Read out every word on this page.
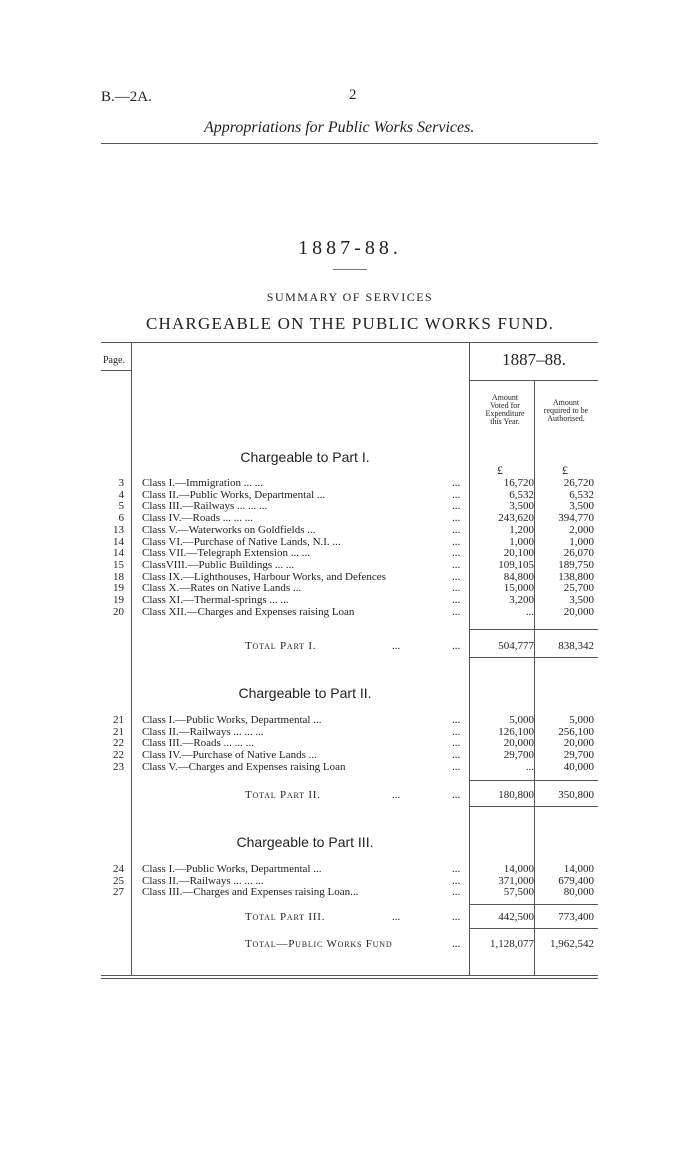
B.—2A.	2
Appropriations for Public Works Services.
1887-88.
SUMMARY OF SERVICES
CHARGEABLE ON THE PUBLIC WORKS FUND.
Page.	1887–88.
Amount
Voted for
Expenditure
this Year.
Amount
required to be
Authorised.
Chargeable to Part I.
£	£
3 Class I.—Immigration ... ...	...	16,720	26,720
4 Class II.—Public Works, Departmental ...	...	6,532	6,532
5 Class III.—Railways ... ... ...	...	3,500	3,500
6 Class IV.—Roads ... ... ...	...	243,620	394,770
13 Class V.—Waterworks on Goldfields ...	...	1,200	2,000
14 Class VI.—Purchase of Native Lands, N.I. ...	...	1,000	1,000
14 Class VII.—Telegraph Extension ... ...	...	20,100	26,070
15 ClassVIII.—Public Buildings ... ...	...	109,105	189,750
18 Class IX.—Lighthouses, Harbour Works, and Defences	...	84,800	138,800
19 Class X.—Rates on Native Lands ...	...	15,000	25,700
19 Class XI.—Thermal-springs ... ...	...	3,200	3,500
20 Class XII.—Charges and Expenses raising Loan	...	...	20,000
Total Part I.	...	...	504,777	838,342
Chargeable to Part II.
21 Class I.—Public Works, Departmental ...	...	5,000	5,000
21 Class II.—Railways ... ... ...	...	126,100	256,100
22 Class III.—Roads ... ... ...	...	20,000	20,000
22 Class IV.—Purchase of Native Lands ...	...	29,700	29,700
23 Class V.—Charges and Expenses raising Loan	...	...	40,000
Total Part II.	...	...	180,800	350,800
Chargeable to Part III.
24 Class I.—Public Works, Departmental ...	...	14,000	14,000
25 Class II.—Railways ... ... ...	...	371,000	679,400
27 Class III.—Charges and Expenses raising Loan...	...	57,500	80,000
Total Part III.	...	...	442,500	773,400
Total—Public Works Fund	...	1,128,077	1,962,542
